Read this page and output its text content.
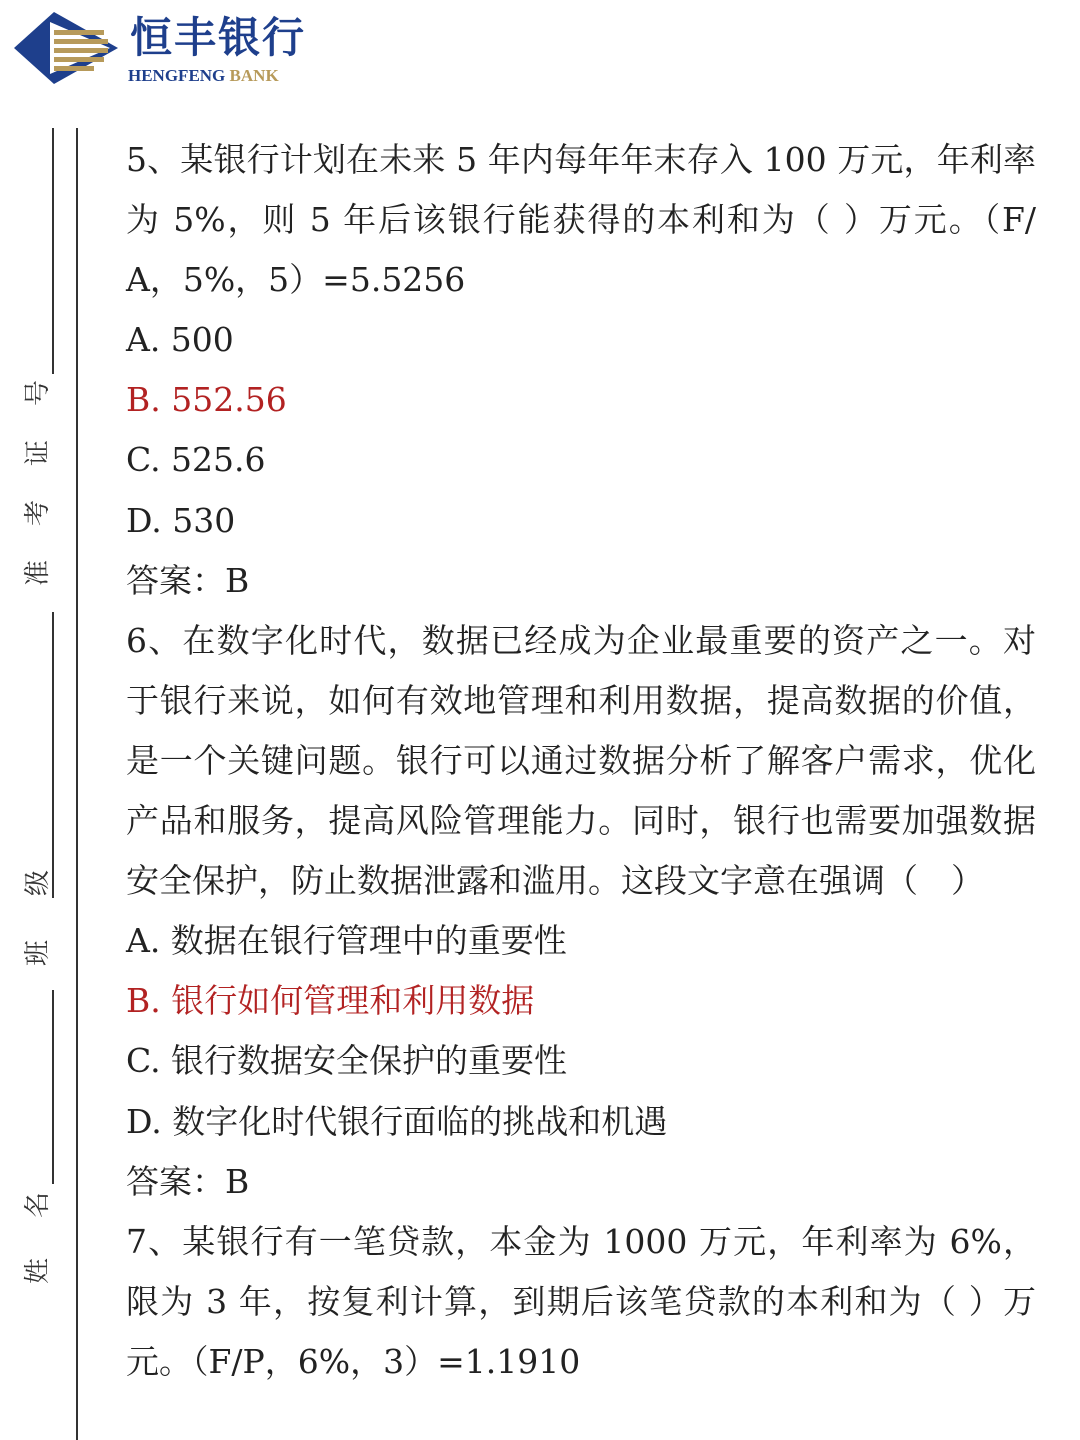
恒丰银行
HENGFENG BANK
号
证
考
准
级
班
名
姓
5、某银行计划在未来 5 年内每年年末存入 100 万元，年利率
为 5%，则 5 年后该银行能获得的本利和为（ ）万元。（F/
A，5%，5）=5.5256
A. 500
B. 552.56
C. 525.6
D. 530
答案：B
6、在数字化时代，数据已经成为企业最重要的资产之一。对
于银行来说，如何有效地管理和利用数据，提高数据的价值，
是一个关键问题。银行可以通过数据分析了解客户需求，优化
产品和服务，提高风险管理能力。同时，银行也需要加强数据
安全保护，防止数据泄露和滥用。这段文字意在强调（　）
A. 数据在银行管理中的重要性
B. 银行如何管理和利用数据
C. 银行数据安全保护的重要性
D. 数字化时代银行面临的挑战和机遇
答案：B
7、某银行有一笔贷款，本金为 1000 万元，年利率为 6%，
限为 3 年，按复利计算，到期后该笔贷款的本利和为（ ）万
元。（F/P，6%，3）=1.1910
